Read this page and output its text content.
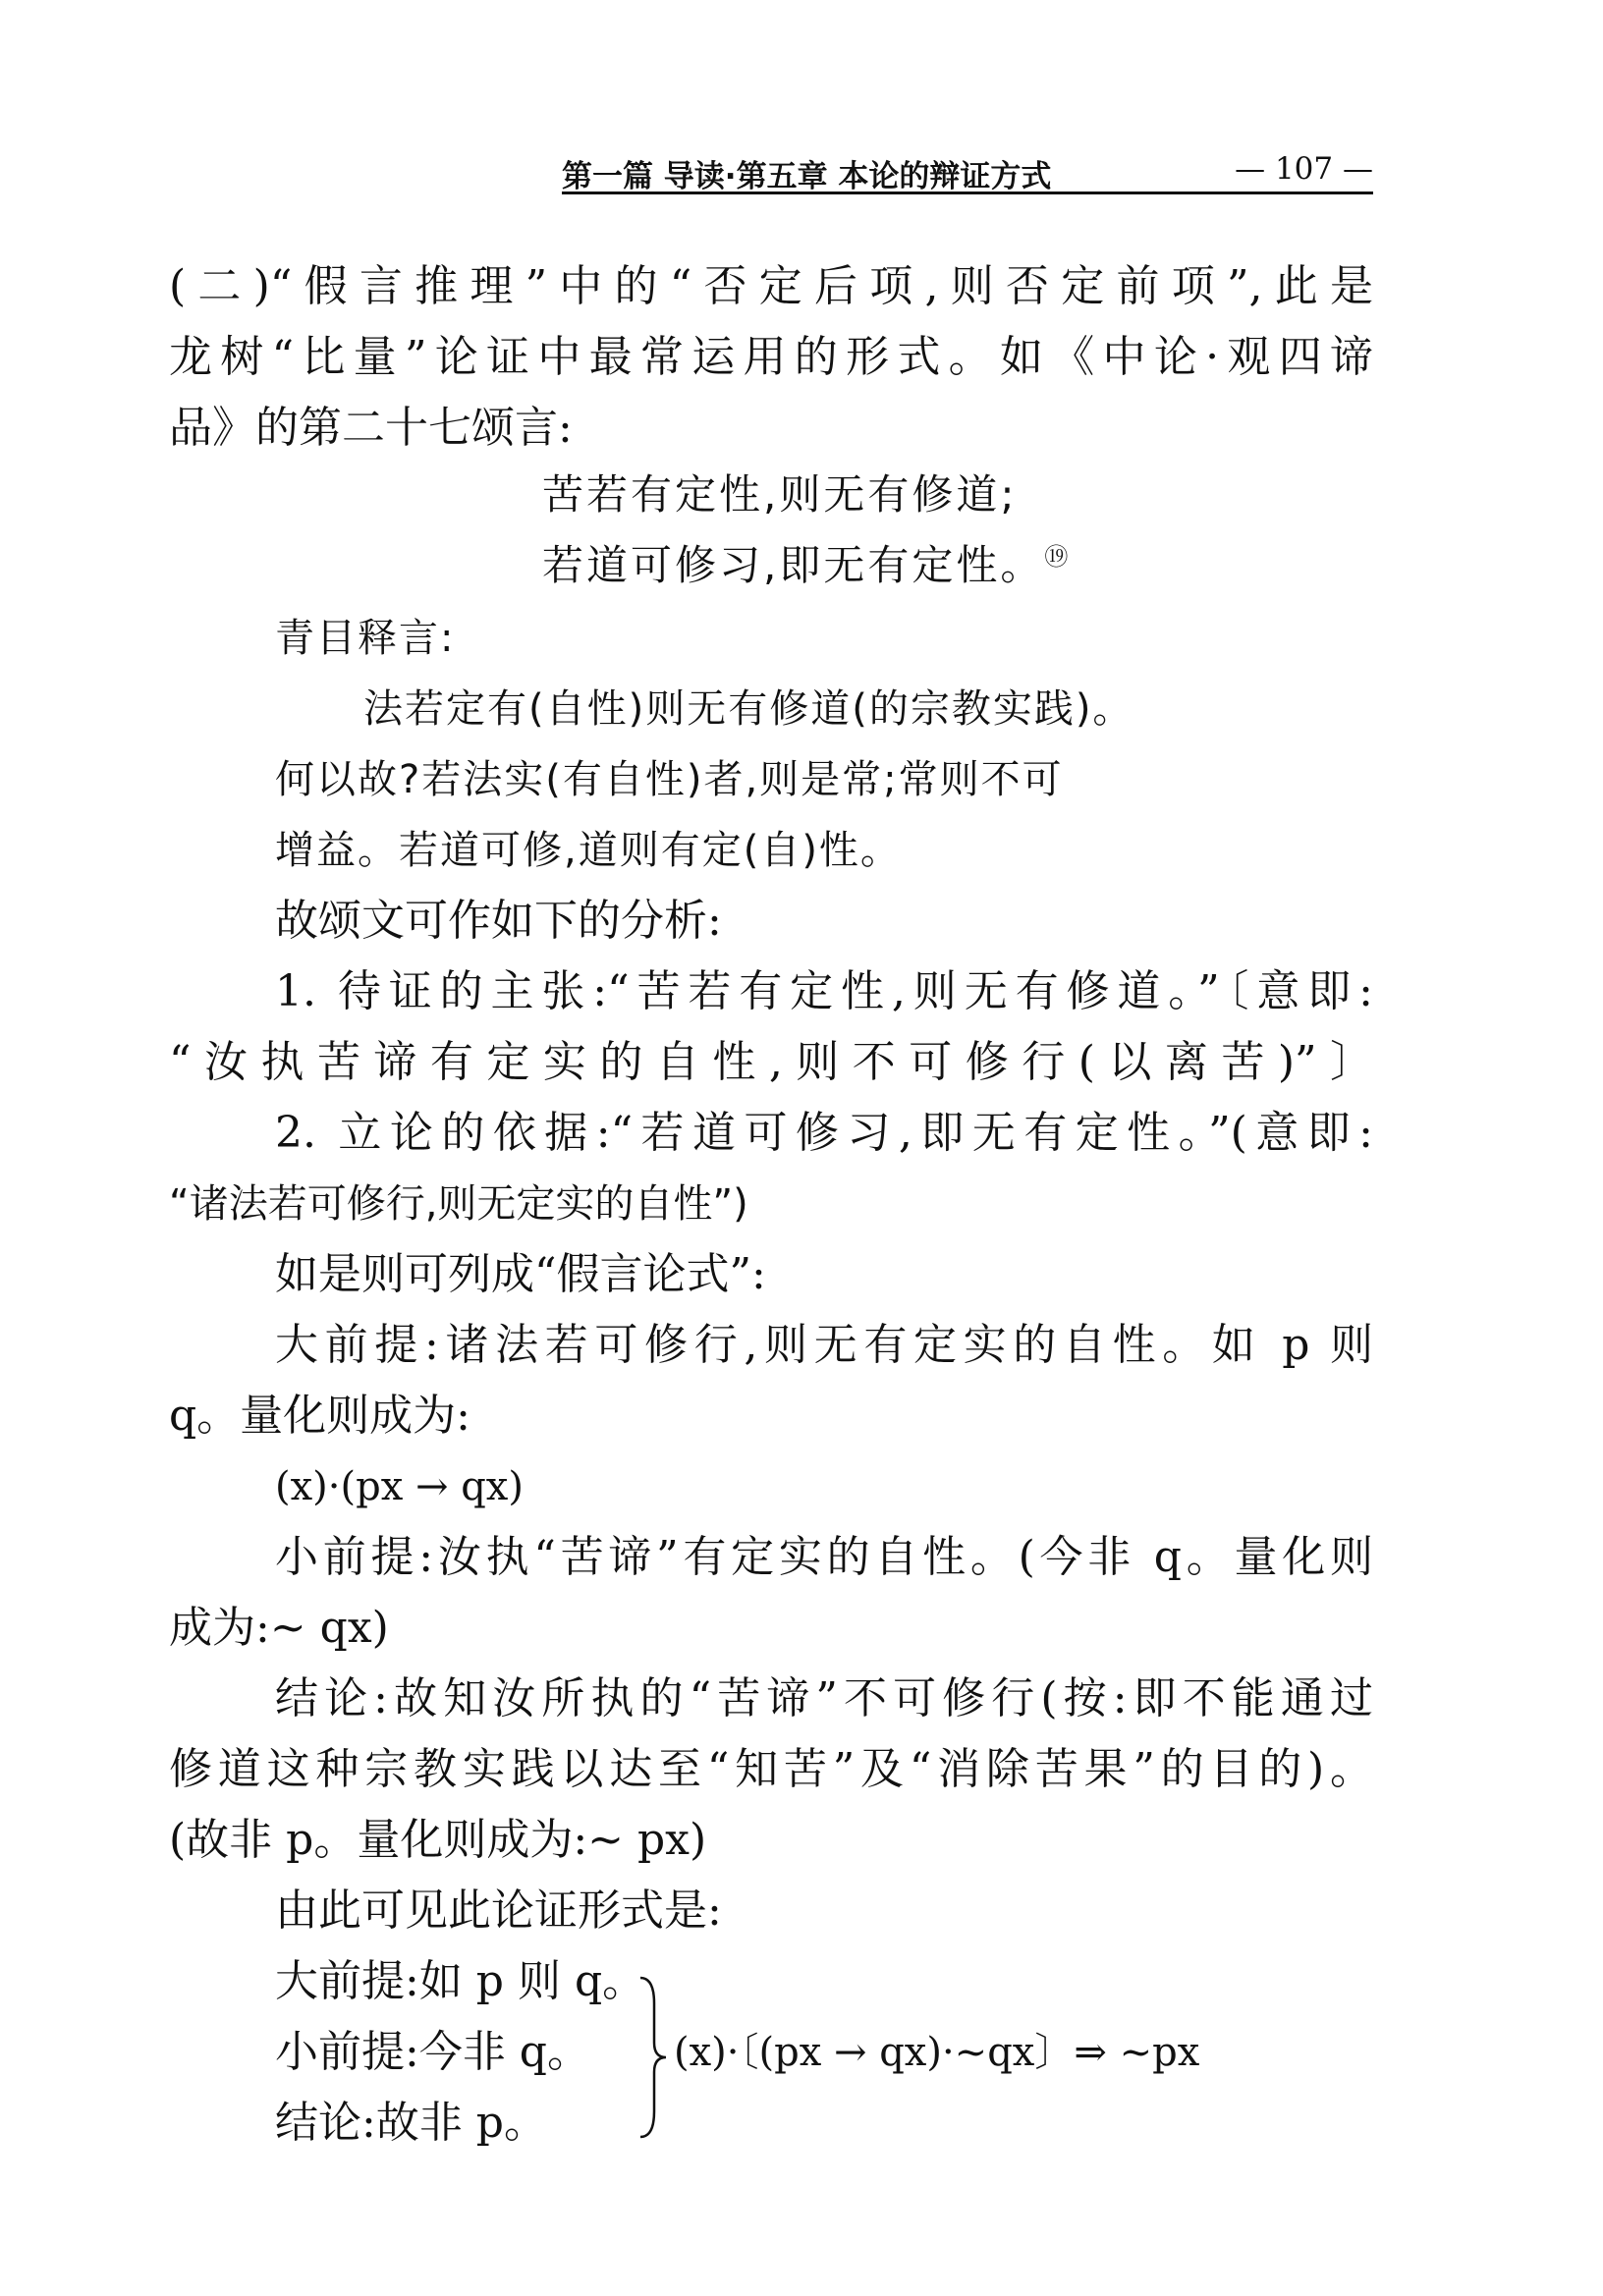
第一篇 导读·第五章 本论的辩证方式	— 107 —
(二)“假言推理”中的“否定后项,则否定前项”,此是
龙树“比量”论证中最常运用的形式。如《中论·观四谛
品》的第二十七颂言:
苦若有定性,则无有修道;
若道可修习,即无有定性。⑲
青目释言:
法若定有(自性)则无有修道(的宗教实践)。
何以故?若法实(有自性)者,则是常;常则不可
增益。若道可修,道则有定(自)性。
故颂文可作如下的分析:
1. 待证的主张:“苦若有定性,则无有修道。”〔意即:
“汝执苦谛有定实的自性,则不可修行(以离苦)”〕
2. 立论的依据:“若道可修习,即无有定性。”(意即:
“诸法若可修行,则无定实的自性”)
如是则可列成“假言论式”:
大前提:诸法若可修行,则无有定实的自性。如 p 则
q。量化则成为:
(x)·(px → qx)
小前提:汝执“苦谛”有定实的自性。(今非 q。量化则
成为:~ qx)
结论:故知汝所执的“苦谛”不可修行(按:即不能通过
修道这种宗教实践以达至“知苦”及“消除苦果”的目的)。
(故非 p。量化则成为:~ px)
由此可见此论证形式是:
大前提:如 p 则 q。
小前提:今非 q。
结论:故非 p。
(x)·〔(px → qx)·~qx〕⇒ ~px
